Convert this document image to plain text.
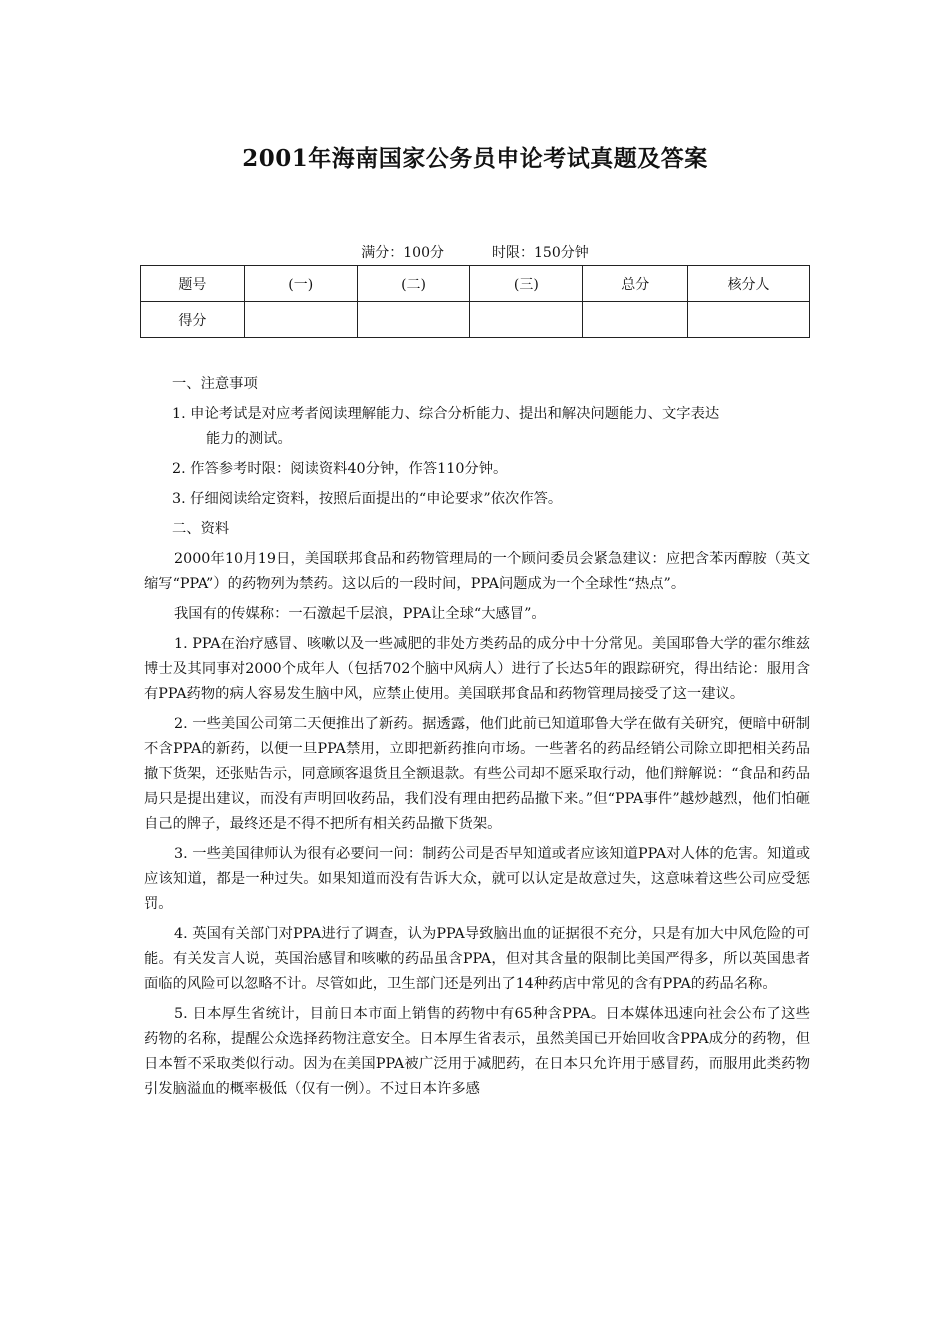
2001年海南国家公务员申论考试真题及答案
满分：100分	时限：150分钟
题号	(一)	(二)	(三)	总分	核分人
得分					

一、注意事项

1. 申论考试是对应考者阅读理解能力、综合分析能力、提出和解决问题能力、文字表达
能力的测试。

2. 作答参考时限：阅读资料40分钟，作答110分钟。

3. 仔细阅读给定资料，按照后面提出的“申论要求”依次作答。

二、资料

2000年10月19日，美国联邦食品和药物管理局的一个顾问委员会紧急建议：应把含苯丙醇胺（英文缩写“PPA”）的药物列为禁药。这以后的一段时间，PPA问题成为一个全球性“热点”。

我国有的传媒称：一石激起千层浪，PPA让全球“大感冒”。

1. PPA在治疗感冒、咳嗽以及一些减肥的非处方类药品的成分中十分常见。美国耶鲁大学的霍尔维兹博士及其同事对2000个成年人（包括702个脑中风病人）进行了长达5年的跟踪研究，得出结论：服用含有PPA药物的病人容易发生脑中风，应禁止使用。美国联邦食品和药物管理局接受了这一建议。

2. 一些美国公司第二天便推出了新药。据透露，他们此前已知道耶鲁大学在做有关研究，便暗中研制不含PPA的新药，以便一旦PPA禁用，立即把新药推向市场。一些著名的药品经销公司除立即把相关药品撤下货架，还张贴告示，同意顾客退货且全额退款。有些公司却不愿采取行动，他们辩解说：“食品和药品局只是提出建议，而没有声明回收药品，我们没有理由把药品撤下来。”但“PPA事件”越炒越烈，他们怕砸自己的牌子，最终还是不得不把所有相关药品撤下货架。

3. 一些美国律师认为很有必要问一问：制药公司是否早知道或者应该知道PPA对人体的危害。知道或应该知道，都是一种过失。如果知道而没有告诉大众，就可以认定是故意过失，这意味着这些公司应受惩罚。

4. 英国有关部门对PPA进行了调查，认为PPA导致脑出血的证据很不充分，只是有加大中风危险的可能。有关发言人说，英国治感冒和咳嗽的药品虽含PPA，但对其含量的限制比美国严得多，所以英国患者面临的风险可以忽略不计。尽管如此，卫生部门还是列出了14种药店中常见的含有PPA的药品名称。

5. 日本厚生省统计，目前日本市面上销售的药物中有65种含PPA。日本媒体迅速向社会公布了这些药物的名称，提醒公众选择药物注意安全。日本厚生省表示，虽然美国已开始回收含PPA成分的药物，但日本暂不采取类似行动。因为在美国PPA被广泛用于减肥药，在日本只允许用于感冒药，而服用此类药物引发脑溢血的概率极低（仅有一例）。不过日本许多感
